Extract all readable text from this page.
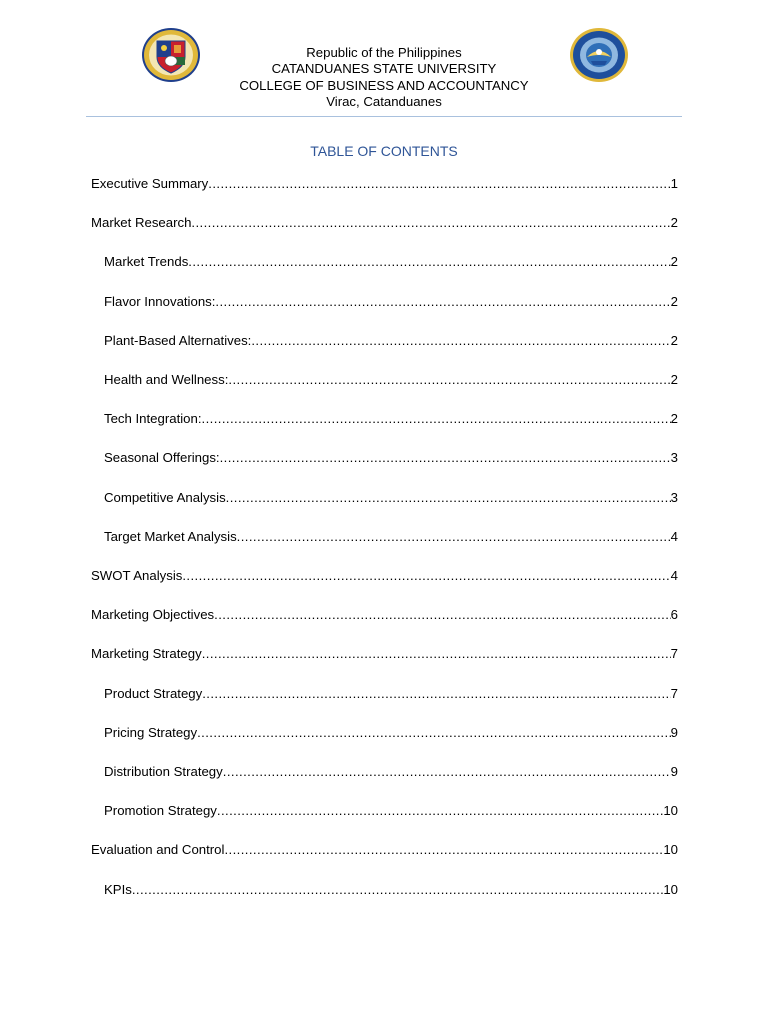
Republic of the Philippines
CATANDUANES STATE UNIVERSITY
COLLEGE OF BUSINESS AND ACCOUNTANCY
Virac, Catanduanes
TABLE OF CONTENTS
Executive Summary .....	1
Market Research .....	2
Market Trends .....	2
Flavor Innovations: .....	2
Plant-Based Alternatives: .....	2
Health and Wellness: .....	2
Tech Integration: .....	2
Seasonal Offerings: .....	3
Competitive Analysis .....	3
Target Market Analysis .....	4
SWOT Analysis .....	4
Marketing Objectives .....	6
Marketing Strategy .....	7
Product Strategy .....	7
Pricing Strategy .....	9
Distribution Strategy .....	9
Promotion Strategy .....	10
Evaluation and Control .....	10
KPIs .....	10
